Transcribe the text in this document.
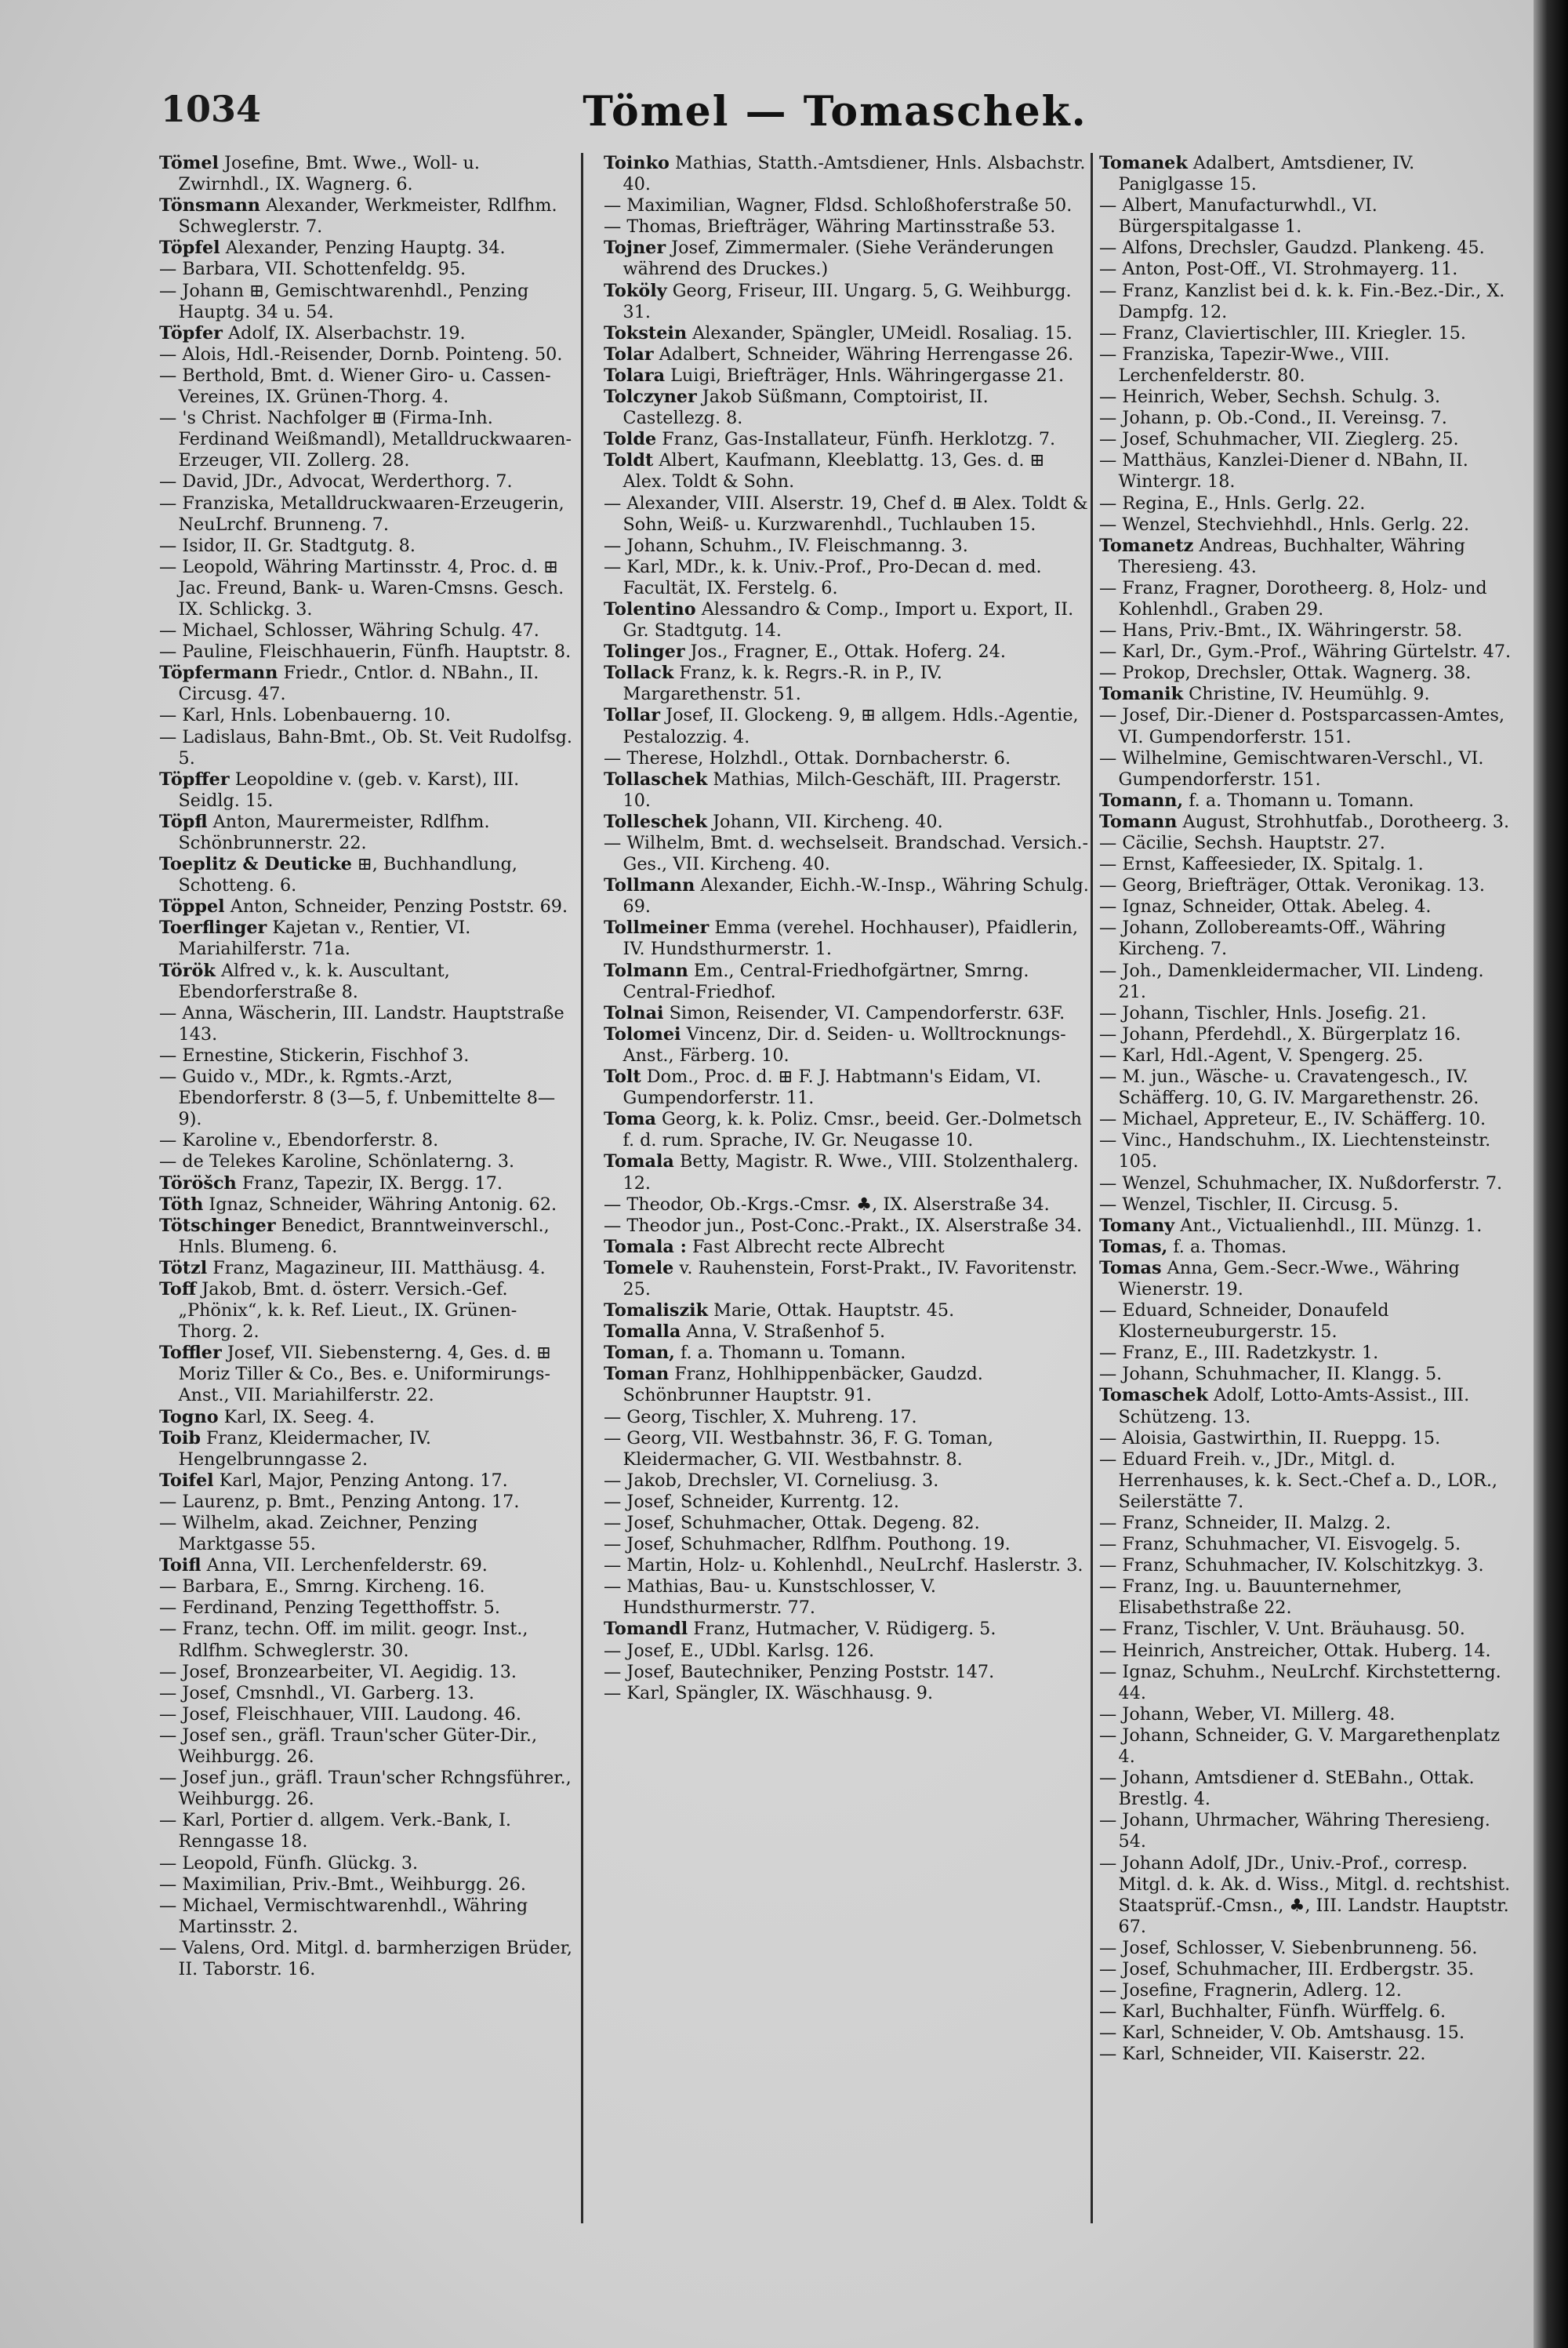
1034	Tömel — Tomaschek.

Tömel Josefine, Bmt. Wwe., Woll- u. Zwirnhdl., IX. Wagnerg. 6.

Tönsmann Alexander, Werkmeister, Rdlfhm. Schweglerstr. 7.

Töpfel Alexander, Penzing Hauptg. 34.

— Barbara, VII. Schottenfeldg. 95.

— Johann ⊞, Gemischtwarenhdl., Penzing Hauptg. 34 u. 54.

Töpfer Adolf, IX. Alserbachstr. 19.

— Alois, Hdl.-Reisender, Dornb. Pointeng. 50.

— Berthold, Bmt. d. Wiener Giro- u. Cassen-Vereines, IX. Grünen-Thorg. 4.

— 's Christ. Nachfolger ⊞ (Firma-Inh. Ferdinand Weißmandl), Metalldruckwaaren-Erzeuger, VII. Zollerg. 28.

— David, JDr., Advocat, Werderthorg. 7.

— Franziska, Metalldruckwaaren-Erzeugerin, NeuLrchf. Brunneng. 7.

— Isidor, II. Gr. Stadtgutg. 8.

— Leopold, Währing Martinsstr. 4, Proc. d. ⊞ Jac. Freund, Bank- u. Waren-Cmsns. Gesch. IX. Schlickg. 3.

— Michael, Schlosser, Währing Schulg. 47.

— Pauline, Fleischhauerin, Fünfh. Hauptstr. 8.

Töpfermann Friedr., Cntlor. d. NBahn., II. Circusg. 47.

— Karl, Hnls. Lobenbauerng. 10.

— Ladislaus, Bahn-Bmt., Ob. St. Veit Rudolfsg. 5.

Töpffer Leopoldine v. (geb. v. Karst), III. Seidlg. 15.

Töpfl Anton, Maurermeister, Rdlfhm. Schönbrunnerstr. 22.

Toeplitz & Deuticke ⊞, Buchhandlung, Schotteng. 6.

Töppel Anton, Schneider, Penzing Poststr. 69.

Toerflinger Kajetan v., Rentier, VI. Mariahilferstr. 71a.

Török Alfred v., k. k. Auscultant, Ebendorferstraße 8.

— Anna, Wäscherin, III. Landstr. Hauptstraße 143.

— Ernestine, Stickerin, Fischhof 3.

— Guido v., MDr., k. Rgmts.-Arzt, Ebendorferstr. 8 (3—5, f. Unbemittelte 8—9).

— Karoline v., Ebendorferstr. 8.

— de Telekes Karoline, Schönlaterng. 3.

Töröšch Franz, Tapezir, IX. Bergg. 17.

Töth Ignaz, Schneider, Währing Antonig. 62.

Tötschinger Benedict, Branntweinverschl., Hnls. Blumeng. 6.

Tötzl Franz, Magazineur, III. Matthäusg. 4.

Toff Jakob, Bmt. d. österr. Versich.-Gef. „Phönix“, k. k. Ref. Lieut., IX. Grünen-Thorg. 2.

Toffler Josef, VII. Siebensterng. 4, Ges. d. ⊞ Moriz Tiller & Co., Bes. e. Uniformirungs-Anst., VII. Mariahilferstr. 22.

Togno Karl, IX. Seeg. 4.

Toib Franz, Kleidermacher, IV. Hengelbrunngasse 2.

Toifel Karl, Major, Penzing Antong. 17.

— Laurenz, p. Bmt., Penzing Antong. 17.

— Wilhelm, akad. Zeichner, Penzing Marktgasse 55.

Toifl Anna, VII. Lerchenfelderstr. 69.

— Barbara, E., Smrng. Kircheng. 16.

— Ferdinand, Penzing Tegetthoffstr. 5.

— Franz, techn. Off. im milit. geogr. Inst., Rdlfhm. Schweglerstr. 30.

— Josef, Bronzearbeiter, VI. Aegidig. 13.

— Josef, Cmsnhdl., VI. Garberg. 13.

— Josef, Fleischhauer, VIII. Laudong. 46.

— Josef sen., gräfl. Traun'scher Güter-Dir., Weihburgg. 26.

— Josef jun., gräfl. Traun'scher Rchngsführer., Weihburgg. 26.

— Karl, Portier d. allgem. Verk.-Bank, I. Renngasse 18.

— Leopold, Fünfh. Glückg. 3.

— Maximilian, Priv.-Bmt., Weihburgg. 26.

— Michael, Vermischtwarenhdl., Währing Martinsstr. 2.

— Valens, Ord. Mitgl. d. barmherzigen Brüder, II. Taborstr. 16.

Toinko Mathias, Statth.-Amtsdiener, Hnls. Alsbachstr. 40.

— Maximilian, Wagner, Fldsd. Schloßhoferstraße 50.

— Thomas, Briefträger, Währing Martinsstraße 53.

Tojner Josef, Zimmermaler. (Siehe Veränderungen während des Druckes.)

Toköly Georg, Friseur, III. Ungarg. 5, G. Weihburgg. 31.

Tokstein Alexander, Spängler, UMeidl. Rosaliag. 15.

Tolar Adalbert, Schneider, Währing Herrengasse 26.

Tolara Luigi, Briefträger, Hnls. Währingergasse 21.

Tolczyner Jakob Süßmann, Comptoirist, II. Castellezg. 8.

Tolde Franz, Gas-Installateur, Fünfh. Herklotzg. 7.

Toldt Albert, Kaufmann, Kleeblattg. 13, Ges. d. ⊞ Alex. Toldt & Sohn.

— Alexander, VIII. Alserstr. 19, Chef d. ⊞ Alex. Toldt & Sohn, Weiß- u. Kurzwarenhdl., Tuchlauben 15.

— Johann, Schuhm., IV. Fleischmanng. 3.

— Karl, MDr., k. k. Univ.-Prof., Pro-Decan d. med. Facultät, IX. Ferstelg. 6.

Tolentino Alessandro & Comp., Import u. Export, II. Gr. Stadtgutg. 14.

Tolinger Jos., Fragner, E., Ottak. Hoferg. 24.

Tollack Franz, k. k. Regrs.-R. in P., IV. Margarethenstr. 51.

Tollar Josef, II. Glockeng. 9, ⊞ allgem. Hdls.-Agentie, Pestalozzig. 4.

— Therese, Holzhdl., Ottak. Dornbacherstr. 6.

Tollaschek Mathias, Milch-Geschäft, III. Pragerstr. 10.

Tolleschek Johann, VII. Kircheng. 40.

— Wilhelm, Bmt. d. wechselseit. Brandschad. Versich.-Ges., VII. Kircheng. 40.

Tollmann Alexander, Eichh.-W.-Insp., Währing Schulg. 69.

Tollmeiner Emma (verehel. Hochhauser), Pfaidlerin, IV. Hundsthurmerstr. 1.

Tolmann Em., Central-Friedhofgärtner, Smrng. Central-Friedhof.

Tolnai Simon, Reisender, VI. Campendorferstr. 63F.

Tolomei Vincenz, Dir. d. Seiden- u. Wolltrocknungs-Anst., Färberg. 10.

Tolt Dom., Proc. d. ⊞ F. J. Habtmann's Eidam, VI. Gumpendorferstr. 11.

Toma Georg, k. k. Poliz. Cmsr., beeid. Ger.-Dolmetsch f. d. rum. Sprache, IV. Gr. Neugasse 10.

Tomala Betty, Magistr. R. Wwe., VIII. Stolzenthalerg. 12.

— Theodor, Ob.-Krgs.-Cmsr. ♣, IX. Alserstraße 34.

— Theodor jun., Post-Conc.-Prakt., IX. Alserstraße 34.

Tomala : Fast Albrecht recte Albrecht

Tomele v. Rauhenstein, Forst-Prakt., IV. Favoritenstr. 25.

Tomaliszik Marie, Ottak. Hauptstr. 45.

Tomalla Anna, V. Straßenhof 5.

Toman, f. a. Thomann u. Tomann.

Toman Franz, Hohlhippenbäcker, Gaudzd. Schönbrunner Hauptstr. 91.

— Georg, Tischler, X. Muhreng. 17.

— Georg, VII. Westbahnstr. 36, F. G. Toman, Kleidermacher, G. VII. Westbahnstr. 8.

— Jakob, Drechsler, VI. Corneliusg. 3.

— Josef, Schneider, Kurrentg. 12.

— Josef, Schuhmacher, Ottak. Degeng. 82.

— Josef, Schuhmacher, Rdlfhm. Pouthong. 19.

— Martin, Holz- u. Kohlenhdl., NeuLrchf. Haslerstr. 3.

— Mathias, Bau- u. Kunstschlosser, V. Hundsthurmerstr. 77.

Tomandl Franz, Hutmacher, V. Rüdigerg. 5.

— Josef, E., UDbl. Karlsg. 126.

— Josef, Bautechniker, Penzing Poststr. 147.

— Karl, Spängler, IX. Wäschhausg. 9.

Tomanek Adalbert, Amtsdiener, IV. Paniglgasse 15.

— Albert, Manufacturwhdl., VI. Bürgerspitalgasse 1.

— Alfons, Drechsler, Gaudzd. Plankeng. 45.

— Anton, Post-Off., VI. Strohmayerg. 11.

— Franz, Kanzlist bei d. k. k. Fin.-Bez.-Dir., X. Dampfg. 12.

— Franz, Claviertischler, III. Kriegler. 15.

— Franziska, Tapezir-Wwe., VIII. Lerchenfelderstr. 80.

— Heinrich, Weber, Sechsh. Schulg. 3.

— Johann, p. Ob.-Cond., II. Vereinsg. 7.

— Josef, Schuhmacher, VII. Zieglerg. 25.

— Matthäus, Kanzlei-Diener d. NBahn, II. Wintergr. 18.

— Regina, E., Hnls. Gerlg. 22.

— Wenzel, Stechviehhdl., Hnls. Gerlg. 22.

Tomanetz Andreas, Buchhalter, Währing Theresieng. 43.

— Franz, Fragner, Dorotheerg. 8, Holz- und Kohlenhdl., Graben 29.

— Hans, Priv.-Bmt., IX. Währingerstr. 58.

— Karl, Dr., Gym.-Prof., Währing Gürtelstr. 47.

— Prokop, Drechsler, Ottak. Wagnerg. 38.

Tomanik Christine, IV. Heumühlg. 9.

— Josef, Dir.-Diener d. Postsparcassen-Amtes, VI. Gumpendorferstr. 151.

— Wilhelmine, Gemischtwaren-Verschl., VI. Gumpendorferstr. 151.

Tomann, f. a. Thomann u. Tomann.

Tomann August, Strohhutfab., Dorotheerg. 3.

— Cäcilie, Sechsh. Hauptstr. 27.

— Ernst, Kaffeesieder, IX. Spitalg. 1.

— Georg, Briefträger, Ottak. Veronikag. 13.

— Ignaz, Schneider, Ottak. Abeleg. 4.

— Johann, Zollobereamts-Off., Währing Kircheng. 7.

— Joh., Damenkleidermacher, VII. Lindeng. 21.

— Johann, Tischler, Hnls. Josefig. 21.

— Johann, Pferdehdl., X. Bürgerplatz 16.

— Karl, Hdl.-Agent, V. Spengerg. 25.

— M. jun., Wäsche- u. Cravatengesch., IV. Schäfferg. 10, G. IV. Margarethenstr. 26.

— Michael, Appreteur, E., IV. Schäfferg. 10.

— Vinc., Handschuhm., IX. Liechtensteinstr. 105.

— Wenzel, Schuhmacher, IX. Nußdorferstr. 7.

— Wenzel, Tischler, II. Circusg. 5.

Tomany Ant., Victualienhdl., III. Münzg. 1.

Tomas, f. a. Thomas.

Tomas Anna, Gem.-Secr.-Wwe., Währing Wienerstr. 19.

— Eduard, Schneider, Donaufeld Klosterneuburgerstr. 15.

— Franz, E., III. Radetzkystr. 1.

— Johann, Schuhmacher, II. Klangg. 5.

Tomaschek Adolf, Lotto-Amts-Assist., III. Schützeng. 13.

— Aloisia, Gastwirthin, II. Rueppg. 15.

— Eduard Freih. v., JDr., Mitgl. d. Herrenhauses, k. k. Sect.-Chef a. D., LOR., Seilerstätte 7.

— Franz, Schneider, II. Malzg. 2.

— Franz, Schuhmacher, VI. Eisvogelg. 5.

— Franz, Schuhmacher, IV. Kolschitzkyg. 3.

— Franz, Ing. u. Bauunternehmer, Elisabethstraße 22.

— Franz, Tischler, V. Unt. Bräuhausg. 50.

— Heinrich, Anstreicher, Ottak. Huberg. 14.

— Ignaz, Schuhm., NeuLrchf. Kirchstetterng. 44.

— Johann, Weber, VI. Millerg. 48.

— Johann, Schneider, G. V. Margarethenplatz 4.

— Johann, Amtsdiener d. StEBahn., Ottak. Brestlg. 4.

— Johann, Uhrmacher, Währing Theresieng. 54.

— Johann Adolf, JDr., Univ.-Prof., corresp. Mitgl. d. k. Ak. d. Wiss., Mitgl. d. rechtshist. Staatsprüf.-Cmsn., ♣, III. Landstr. Hauptstr. 67.

— Josef, Schlosser, V. Siebenbrunneng. 56.

— Josef, Schuhmacher, III. Erdbergstr. 35.

— Josefine, Fragnerin, Adlerg. 12.

— Karl, Buchhalter, Fünfh. Würffelg. 6.

— Karl, Schneider, V. Ob. Amtshausg. 15.

— Karl, Schneider, VII. Kaiserstr. 22.
